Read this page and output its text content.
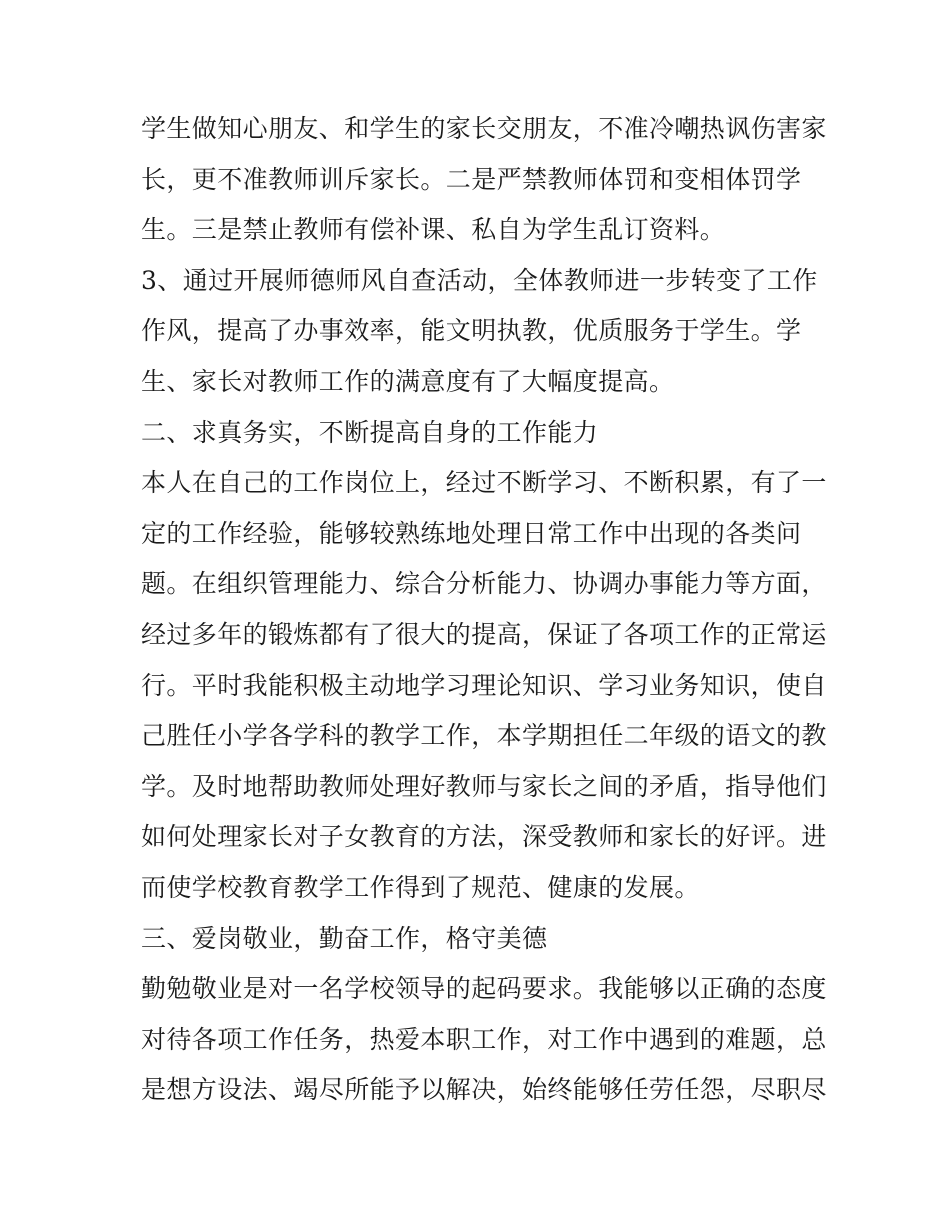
学生做知心朋友、和学生的家长交朋友，不准冷嘲热讽伤害家
长，更不准教师训斥家长。二是严禁教师体罚和变相体罚学
生。三是禁止教师有偿补课、私自为学生乱订资料。
3、通过开展师德师风自查活动，全体教师进一步转变了工作
作风，提高了办事效率，能文明执教，优质服务于学生。学
生、家长对教师工作的满意度有了大幅度提高。
二、求真务实，不断提高自身的工作能力
本人在自己的工作岗位上，经过不断学习、不断积累，有了一
定的工作经验，能够较熟练地处理日常工作中出现的各类问
题。在组织管理能力、综合分析能力、协调办事能力等方面，
经过多年的锻炼都有了很大的提高，保证了各项工作的正常运
行。平时我能积极主动地学习理论知识、学习业务知识，使自
己胜任小学各学科的教学工作，本学期担任二年级的语文的教
学。及时地帮助教师处理好教师与家长之间的矛盾，指导他们
如何处理家长对子女教育的方法，深受教师和家长的好评。进
而使学校教育教学工作得到了规范、健康的发展。
三、爱岗敬业，勤奋工作，格守美德
勤勉敬业是对一名学校领导的起码要求。我能够以正确的态度
对待各项工作任务，热爱本职工作，对工作中遇到的难题，总
是想方设法、竭尽所能予以解决，始终能够任劳任怨，尽职尽
